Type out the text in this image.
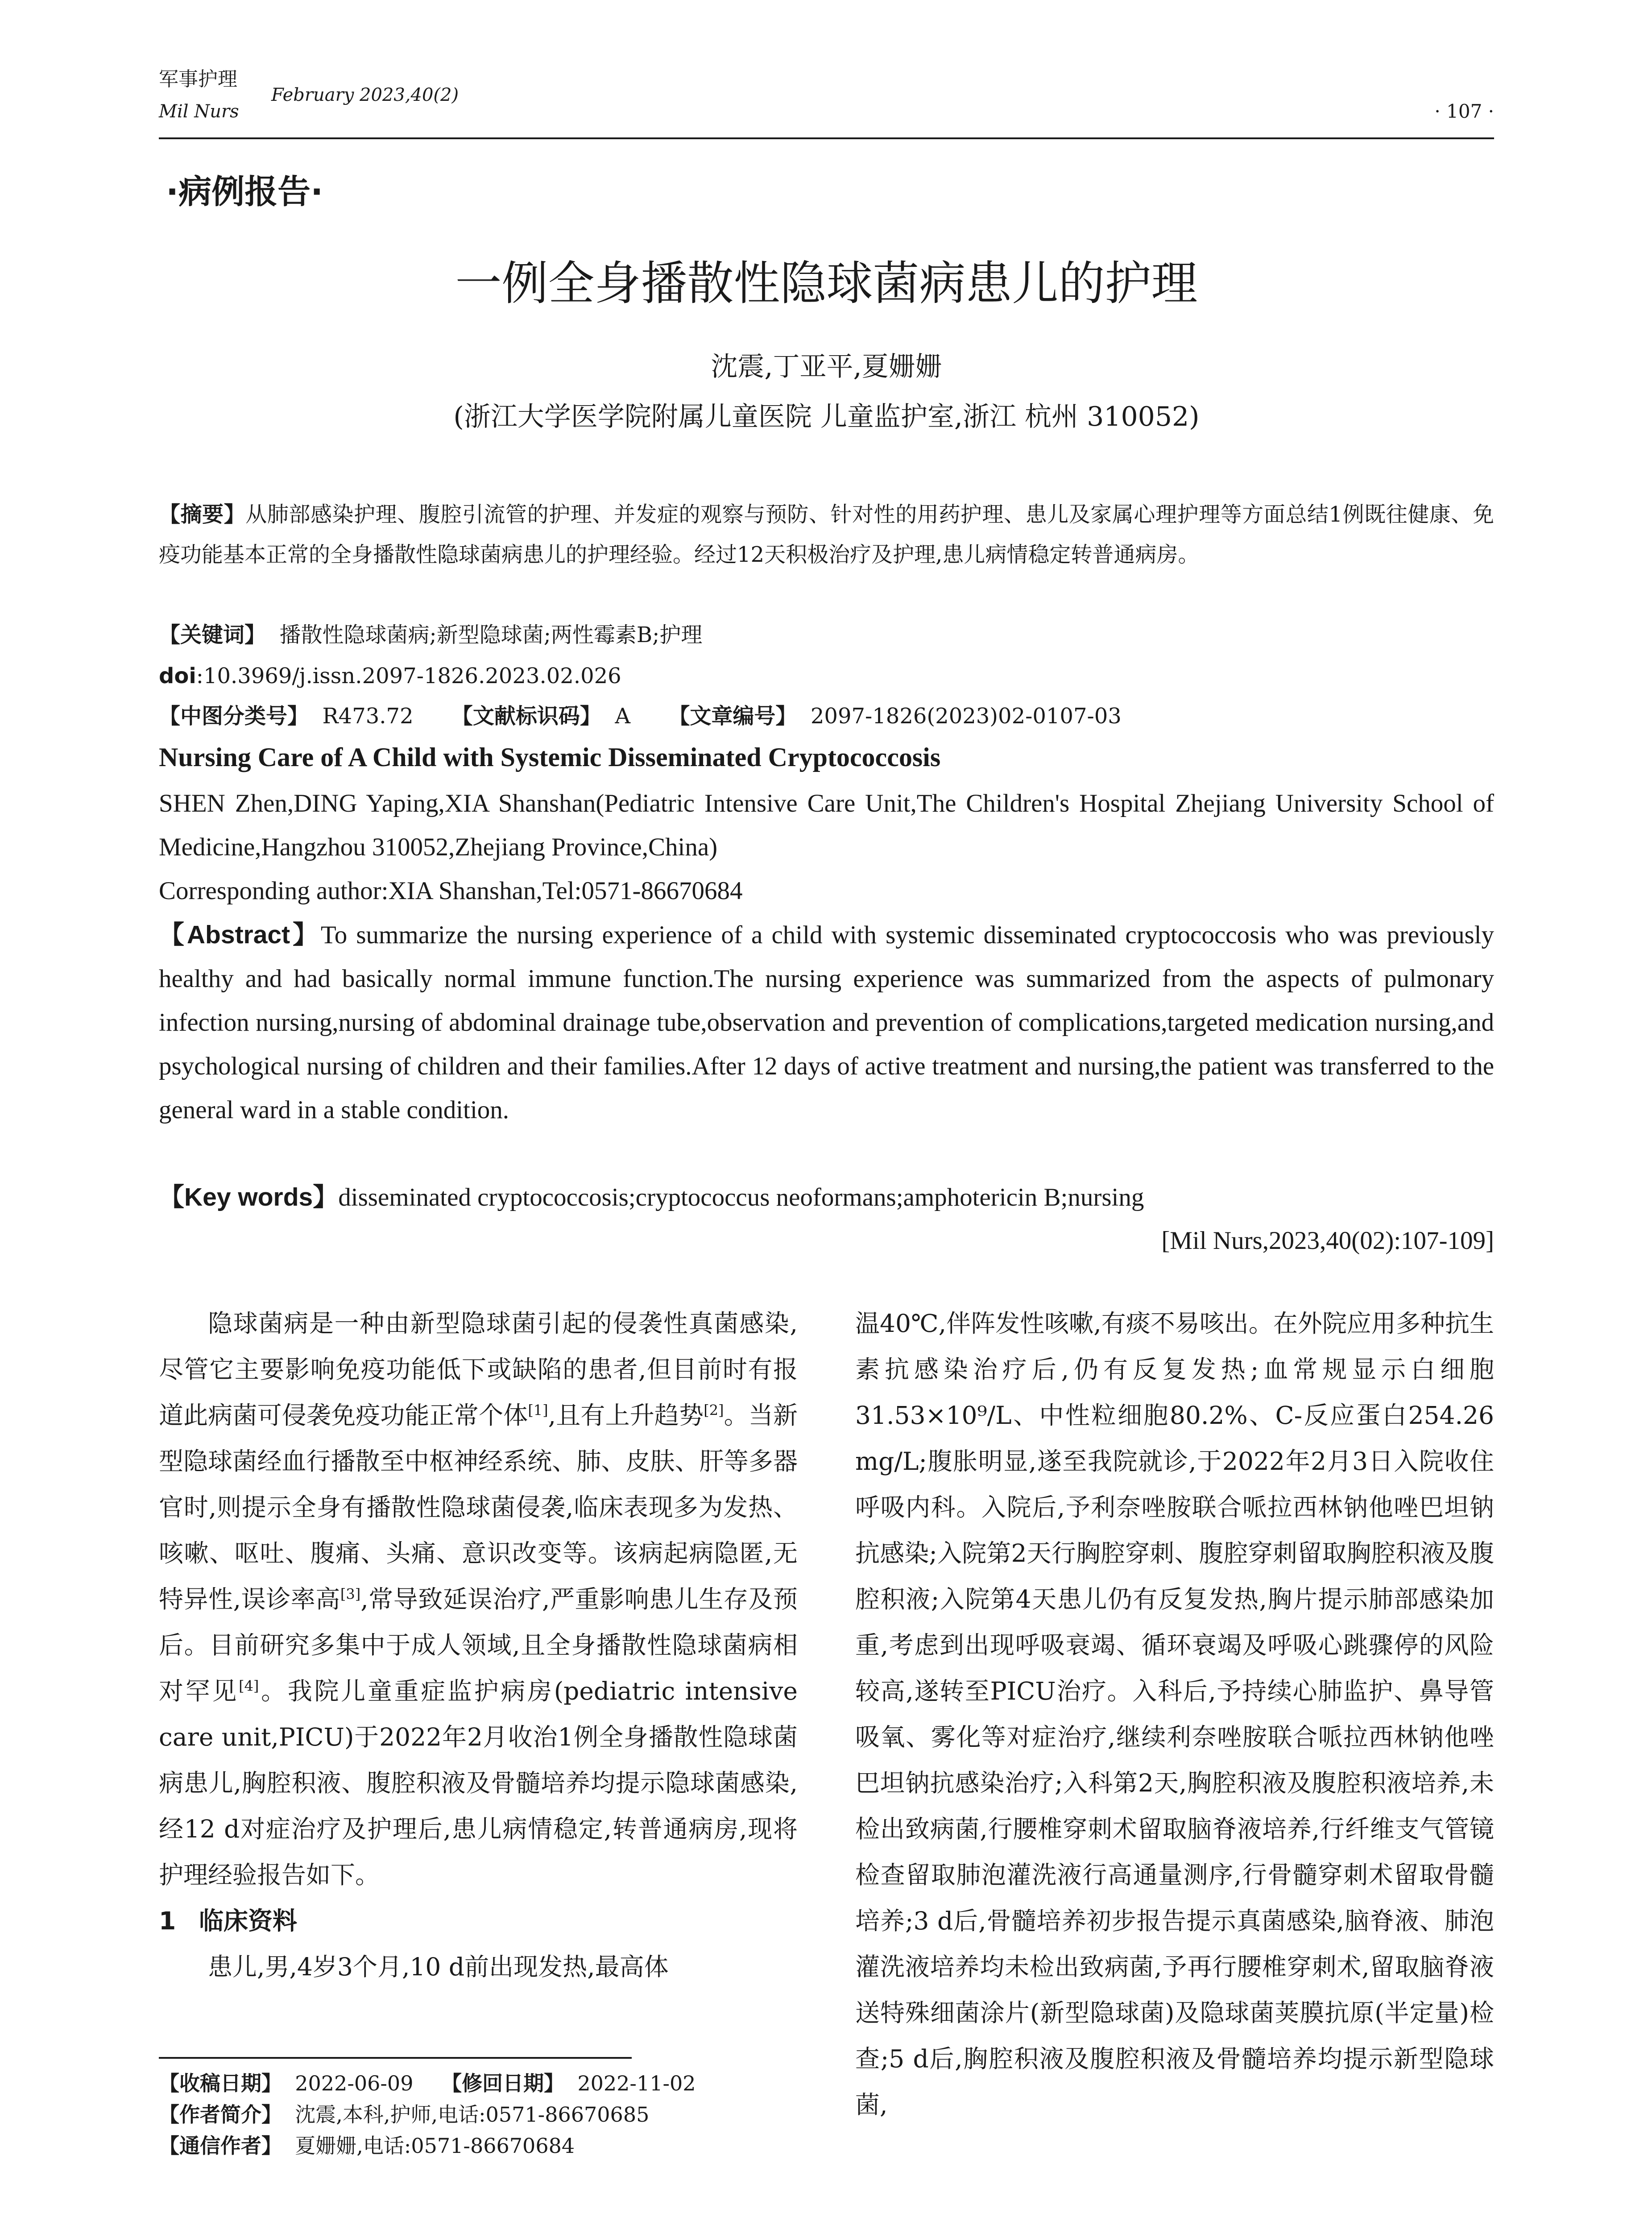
军事护理
Mil Nurs
February 2023,40(2)
· 107 ·
·病例报告·
一例全身播散性隐球菌病患儿的护理
沈震,丁亚平,夏姗姗
(浙江大学医学院附属儿童医院 儿童监护室,浙江 杭州 310052)
【摘要】从肺部感染护理、腹腔引流管的护理、并发症的观察与预防、针对性的用药护理、患儿及家属心理护理等方面总结1例既往健康、免疫功能基本正常的全身播散性隐球菌病患儿的护理经验。经过12天积极治疗及护理,患儿病情稳定转普通病房。
【关键词】 播散性隐球菌病;新型隐球菌;两性霉素B;护理
doi:10.3969/j.issn.2097-1826.2023.02.026
【中图分类号】 R473.72 【文献标识码】 A 【文章编号】 2097-1826(2023)02-0107-03
Nursing Care of A Child with Systemic Disseminated Cryptococcosis
SHEN Zhen,DING Yaping,XIA Shanshan(Pediatric Intensive Care Unit,The Children's Hospital Zhejiang University School of Medicine,Hangzhou 310052,Zhejiang Province,China)
Corresponding author:XIA Shanshan,Tel:0571-86670684
【Abstract】To summarize the nursing experience of a child with systemic disseminated cryptococcosis who was previously healthy and had basically normal immune function.The nursing experience was summarized from the aspects of pulmonary infection nursing,nursing of abdominal drainage tube,observation and prevention of complications,targeted medication nursing,and psychological nursing of children and their families.After 12 days of active treatment and nursing,the patient was transferred to the general ward in a stable condition.
【Key words】disseminated cryptococcosis;cryptococcus neoformans;amphotericin B;nursing
[Mil Nurs,2023,40(02):107-109]

隐球菌病是一种由新型隐球菌引起的侵袭性真菌感染,尽管它主要影响免疫功能低下或缺陷的患者,但目前时有报道此病菌可侵袭免疫功能正常个体[1],且有上升趋势[2]。当新型隐球菌经血行播散至中枢神经系统、肺、皮肤、肝等多器官时,则提示全身有播散性隐球菌侵袭,临床表现多为发热、咳嗽、呕吐、腹痛、头痛、意识改变等。该病起病隐匿,无特异性,误诊率高[3],常导致延误治疗,严重影响患儿生存及预后。目前研究多集中于成人领域,且全身播散性隐球菌病相对罕见[4]。我院儿童重症监护病房(pediatric intensive care unit,PICU)于2022年2月收治1例全身播散性隐球菌病患儿,胸腔积液、腹腔积液及骨髓培养均提示隐球菌感染,经12 d对症治疗及护理后,患儿病情稳定,转普通病房,现将护理经验报告如下。

1 临床资料

患儿,男,4岁3个月,10 d前出现发热,最高体

温40℃,伴阵发性咳嗽,有痰不易咳出。在外院应用多种抗生素抗感染治疗后,仍有反复发热;血常规显示白细胞31.53×10⁹/L、中性粒细胞80.2%、C-反应蛋白254.26 mg/L;腹胀明显,遂至我院就诊,于2022年2月3日入院收住呼吸内科。入院后,予利奈唑胺联合哌拉西林钠他唑巴坦钠抗感染;入院第2天行胸腔穿刺、腹腔穿刺留取胸腔积液及腹腔积液;入院第4天患儿仍有反复发热,胸片提示肺部感染加重,考虑到出现呼吸衰竭、循环衰竭及呼吸心跳骤停的风险较高,遂转至PICU治疗。入科后,予持续心肺监护、鼻导管吸氧、雾化等对症治疗,继续利奈唑胺联合哌拉西林钠他唑巴坦钠抗感染治疗;入科第2天,胸腔积液及腹腔积液培养,未检出致病菌,行腰椎穿刺术留取脑脊液培养,行纤维支气管镜检查留取肺泡灌洗液行高通量测序,行骨髓穿刺术留取骨髓培养;3 d后,骨髓培养初步报告提示真菌感染,脑脊液、肺泡灌洗液培养均未检出致病菌,予再行腰椎穿刺术,留取脑脊液送特殊细菌涂片(新型隐球菌)及隐球菌荚膜抗原(半定量)检查;5 d后,胸腔积液及腹腔积液及骨髓培养均提示新型隐球菌,

【收稿日期】 2022-06-09 【修回日期】 2022-11-02
【作者简介】 沈震,本科,护师,电话:0571-86670685
【通信作者】 夏姗姗,电话:0571-86670684
